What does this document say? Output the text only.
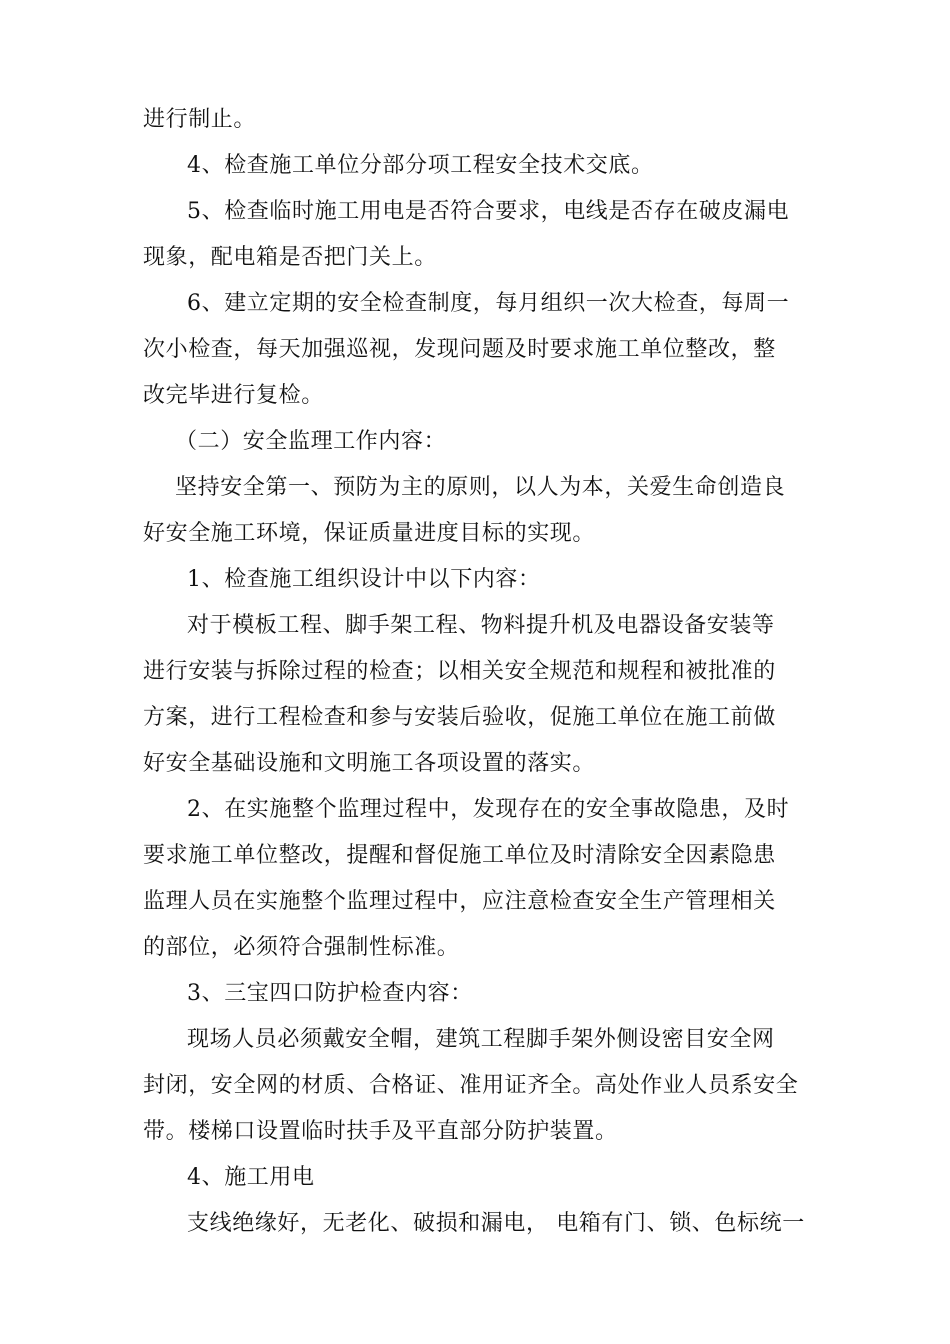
进行制止。
4、检查施工单位分部分项工程安全技术交底。
5、检查临时施工用电是否符合要求，电线是否存在破皮漏电
现象，配电箱是否把门关上。
6、建立定期的安全检查制度，每月组织一次大检查，每周一
次小检查，每天加强巡视，发现问题及时要求施工单位整改，整
改完毕进行复检。
（二）安全监理工作内容：
坚持安全第一、预防为主的原则，以人为本，关爱生命创造良
好安全施工环境，保证质量进度目标的实现。
1、检查施工组织设计中以下内容：
对于模板工程、脚手架工程、物料提升机及电器设备安装等
进行安装与拆除过程的检查；以相关安全规范和规程和被批准的
方案，进行工程检查和参与安装后验收，促施工单位在施工前做
好安全基础设施和文明施工各项设置的落实。
2、在实施整个监理过程中，发现存在的安全事故隐患，及时
要求施工单位整改，提醒和督促施工单位及时清除安全因素隐患
监理人员在实施整个监理过程中，应注意检查安全生产管理相关
的部位，必须符合强制性标准。
3、三宝四口防护检查内容：
现场人员必须戴安全帽，建筑工程脚手架外侧设密目安全网
封闭，安全网的材质、合格证、准用证齐全。高处作业人员系安全
带。楼梯口设置临时扶手及平直部分防护装置。
4、施工用电
支线绝缘好，无老化、破损和漏电， 电箱有门、锁、色标统一
